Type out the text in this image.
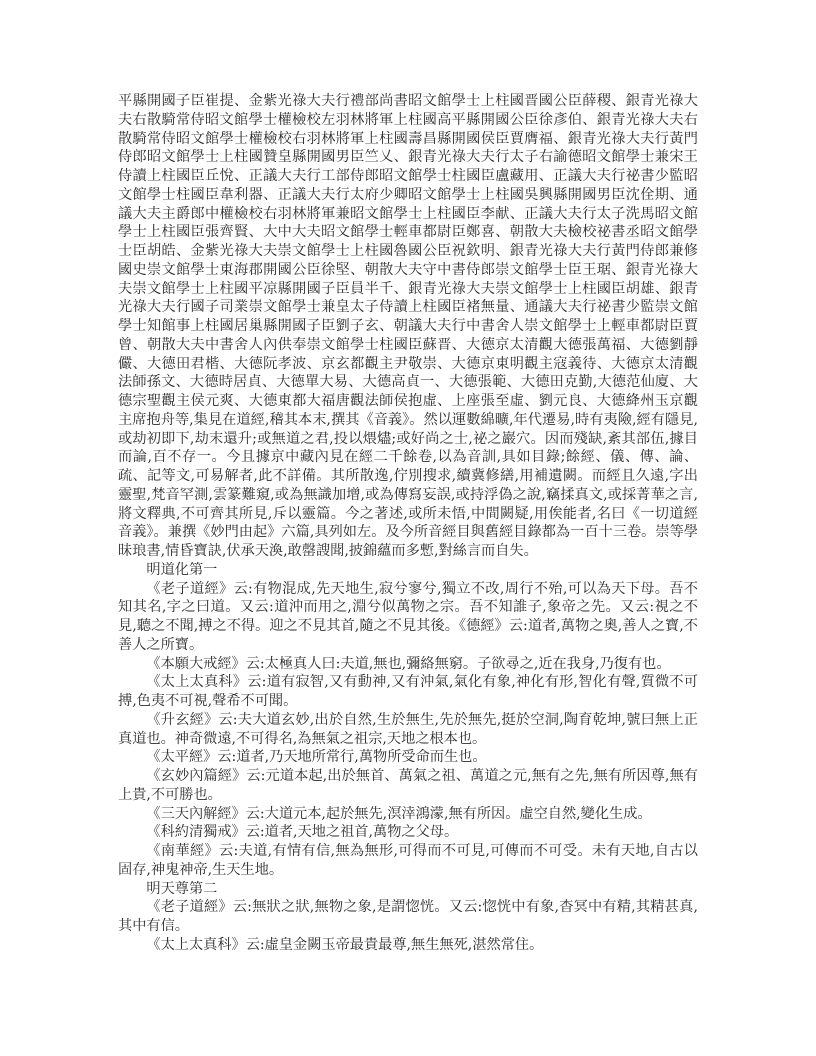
平縣開國子臣崔提、金紫光祿大夫行禮部尚書昭文館學士上柱國晋國公臣薛稷、銀青光祿大夫右散騎常侍昭文館學士權檢校左羽林將軍上柱國高平縣開國公臣徐彥伯、銀青光祿大夫右散騎常侍昭文館學士權檢校右羽林將軍上柱國壽昌縣開國侯臣賈膺福、銀青光祿大夫行黃門侍郎昭文館學士上柱國贊皇縣開國男臣竺乂、銀青光祿大夫行太子右諭德昭文館學士兼宋王侍讀上柱國臣丘悅、正議大夫行工部侍郎昭文館學士柱國臣盧藏用、正議大夫行祕書少監昭文館學士柱國臣韋利器、正議大夫行太府少卿昭文館學士上柱國吳興縣開國男臣沈佺期、通議大夫主爵郎中權檢校右羽林將軍兼昭文館學士上柱國臣李献、正議大夫行太子洗馬昭文館學士上柱國臣張齊賢、大中大夫昭文館學士輕車都尉臣鄭喜、朝散大夫檢校祕書丞昭文館學士臣胡皓、金紫光祿大夫崇文館學士上柱國魯國公臣祝欽明、銀青光祿大夫行黃門侍郎兼修國史崇文館學士東海郡開國公臣徐堅、朝散大夫守中書侍郎崇文館學士臣王琚、銀青光祿大夫崇文館學士上柱國平凉縣開國子臣員半千、銀青光祿大夫崇文館學士上柱國臣胡雄、銀青光祿大夫行國子司業崇文館學士兼皇太子侍讀上柱國臣褚無量、通議大夫行祕書少監崇文館學士知館事上柱國居巢縣開國子臣劉子玄、朝議大夫行中書舍人崇文館學士上輕車都尉臣賈曾、朝散大夫中書舍人內供奉崇文館學士柱國臣蘇晋、大德京太清觀大德張萬福、大德劉靜儼、大德田君楷、大德阮孝波、京玄都觀主尹敬崇、大德京東明觀主寇義待、大德京太清觀法師孫文、大德時居貞、大德單大易、大德高貞一、大德張範、大德田克勤,大德范仙廈、大德宗聖觀主侯元爽、大德東都大福唐觀法師侯抱虛、上座張至虛、劉元良、大德絳州玉京觀主席抱舟等,集見在道經,稽其本末,撰其《音義》。然以運數綿曠,年代遷易,時有夷險,經有隱見,或劫初即下,劫末還升;或無道之君,投以煨燼;或好尚之士,祕之巖穴。因而殘缺,紊其部伍,據目而論,百不存一。今且據京中藏內見在經二千餘卷,以為音訓,具如目錄;餘經、儀、傳、論、疏、記等文,可易解者,此不詳備。其所散逸,佇別搜求,續冀修繕,用補遺闕。而經且久遠,字出靈聖,梵音罕測,雲篆難窺,或為無識加增,或為傳寫妄誤,或持浮偽之說,竊揉真文,或採菁華之言,將文釋典,不可齊其所見,斥以靈篇。今之著述,或所未悟,中間闕疑,用俟能者,名曰《一切道經音義》。兼撰《妙門由起》六篇,具列如左。及今所音經目與舊經目錄都為一百十三卷。崇等學昧琅書,情昏寶訣,伏承天渙,敢罄謏聞,披錦蘊而多慙,對絲言而自失。

明道化第一

《老子道經》云:有物混成,先天地生,寂兮寥兮,獨立不改,周行不殆,可以為天下母。吾不知其名,字之曰道。又云:道沖而用之,淵兮似萬物之宗。吾不知誰子,象帝之先。又云:視之不見,聽之不聞,搏之不得。迎之不見其首,隨之不見其後。《德經》云:道者,萬物之奧,善人之寶,不善人之所寶。

《本願大戒經》云:太極真人曰:夫道,無也,彌絡無窮。子欲尋之,近在我身,乃復有也。

《太上太真科》云:道有寂智,又有動神,又有沖氣,氣化有象,神化有形,智化有聲,質微不可搏,色夷不可視,聲希不可聞。

《升玄經》云:夫大道玄妙,出於自然,生於無生,先於無先,挺於空洞,陶育乾坤,號曰無上正真道也。神奇微遠,不可得名,為無氣之祖宗,天地之根本也。

《太平經》云:道者,乃天地所常行,萬物所受命而生也。

《玄妙內篇經》云:元道本起,出於無首、萬氣之祖、萬道之元,無有之先,無有所因尊,無有上貴,不可勝也。

《三天內解經》云:大道元本,起於無先,溟涬鴻濛,無有所因。虛空自然,變化生成。

《科約清獨戒》云:道者,天地之祖首,萬物之父母。

《南華經》云:夫道,有情有信,無為無形,可得而不可見,可傳而不可受。未有天地,自古以固存,神鬼神帝,生天生地。

明天尊第二

《老子道經》云:無狀之狀,無物之象,是謂惚恍。又云:惚恍中有象,杳冥中有精,其精甚真,其中有信。

《太上太真科》云:虛皇金闕玉帝最貴最尊,無生無死,湛然常住。
